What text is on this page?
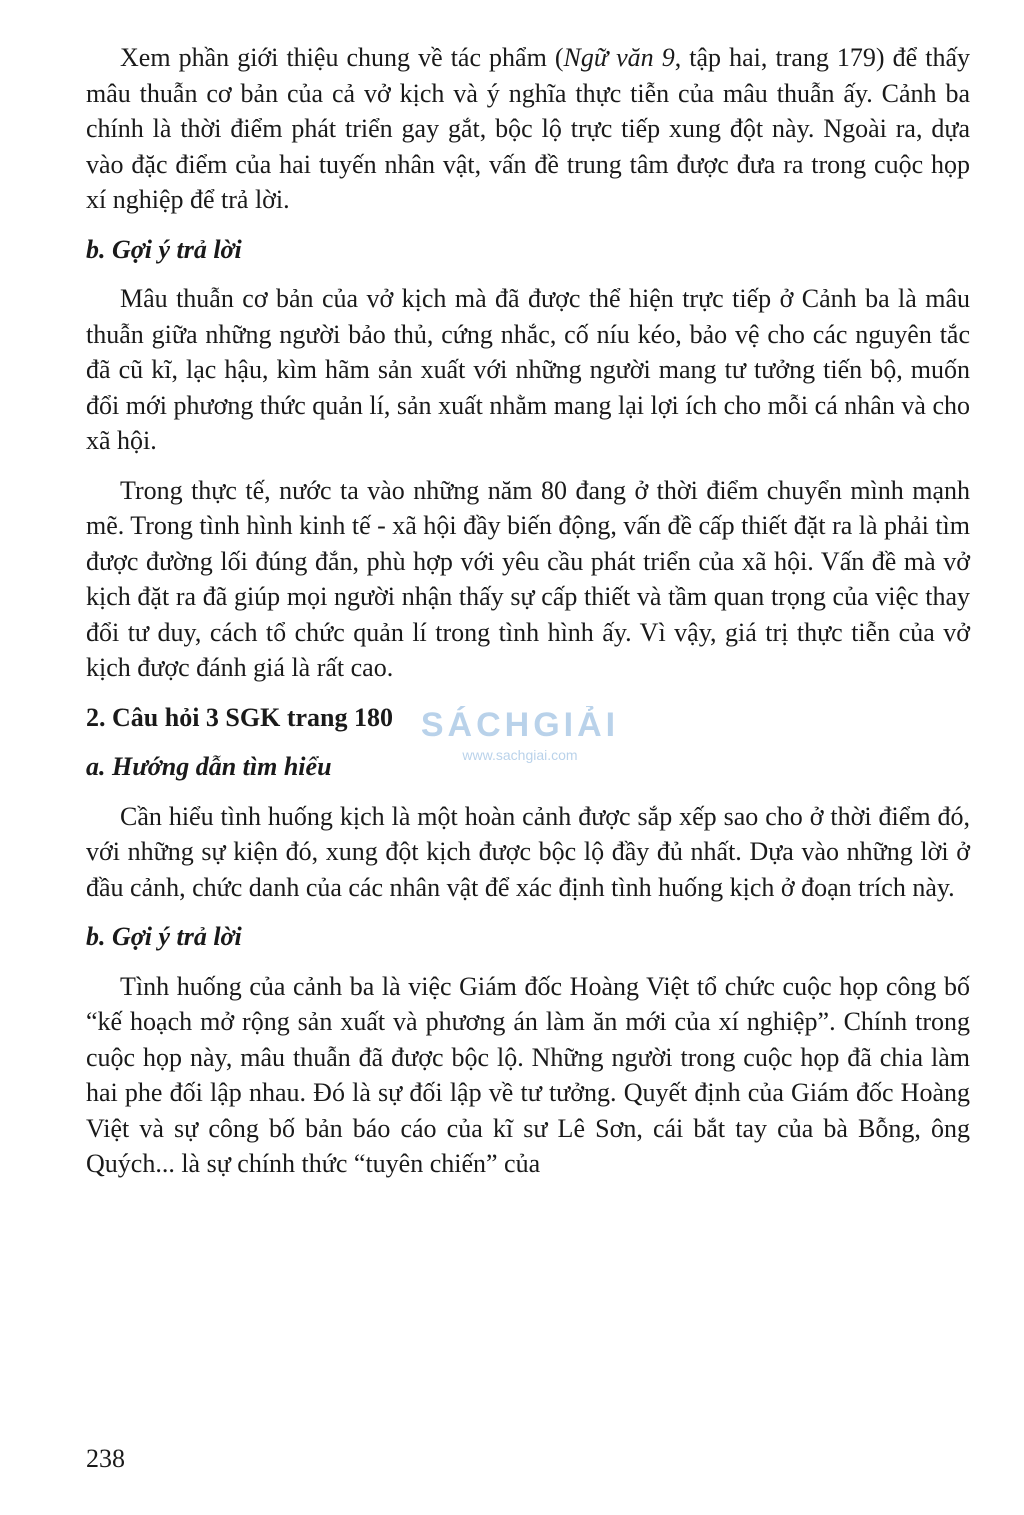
Xem phần giới thiệu chung về tác phẩm (Ngữ văn 9, tập hai, trang 179) để thấy mâu thuẫn cơ bản của cả vở kịch và ý nghĩa thực tiễn của mâu thuẫn ấy. Cảnh ba chính là thời điểm phát triển gay gắt, bộc lộ trực tiếp xung đột này. Ngoài ra, dựa vào đặc điểm của hai tuyến nhân vật, vấn đề trung tâm được đưa ra trong cuộc họp xí nghiệp để trả lời.

b. Gợi ý trả lời

Mâu thuẫn cơ bản của vở kịch mà đã được thể hiện trực tiếp ở Cảnh ba là mâu thuẫn giữa những người bảo thủ, cứng nhắc, cố níu kéo, bảo vệ cho các nguyên tắc đã cũ kĩ, lạc hậu, kìm hãm sản xuất với những người mang tư tưởng tiến bộ, muốn đổi mới phương thức quản lí, sản xuất nhằm mang lại lợi ích cho mỗi cá nhân và cho xã hội.

Trong thực tế, nước ta vào những năm 80 đang ở thời điểm chuyển mình mạnh mẽ. Trong tình hình kinh tế - xã hội đầy biến động, vấn đề cấp thiết đặt ra là phải tìm được đường lối đúng đắn, phù hợp với yêu cầu phát triển của xã hội. Vấn đề mà vở kịch đặt ra đã giúp mọi người nhận thấy sự cấp thiết và tầm quan trọng của việc thay đổi tư duy, cách tổ chức quản lí trong tình hình ấy. Vì vậy, giá trị thực tiễn của vở kịch được đánh giá là rất cao.

2. Câu hỏi 3 SGK trang 180
a. Hướng dẫn tìm hiểu

Cần hiểu tình huống kịch là một hoàn cảnh được sắp xếp sao cho ở thời điểm đó, với những sự kiện đó, xung đột kịch được bộc lộ đầy đủ nhất. Dựa vào những lời ở đầu cảnh, chức danh của các nhân vật để xác định tình huống kịch ở đoạn trích này.

b. Gợi ý trả lời

Tình huống của cảnh ba là việc Giám đốc Hoàng Việt tổ chức cuộc họp công bố “kế hoạch mở rộng sản xuất và phương án làm ăn mới của xí nghiệp”. Chính trong cuộc họp này, mâu thuẫn đã được bộc lộ. Những người trong cuộc họp đã chia làm hai phe đối lập nhau. Đó là sự đối lập về tư tưởng. Quyết định của Giám đốc Hoàng Việt và sự công bố bản báo cáo của kĩ sư Lê Sơn, cái bắt tay của bà Bỗng, ông Quých... là sự chính thức “tuyên chiến” của

SÁCHGIẢI
www.sachgiai.com
238
